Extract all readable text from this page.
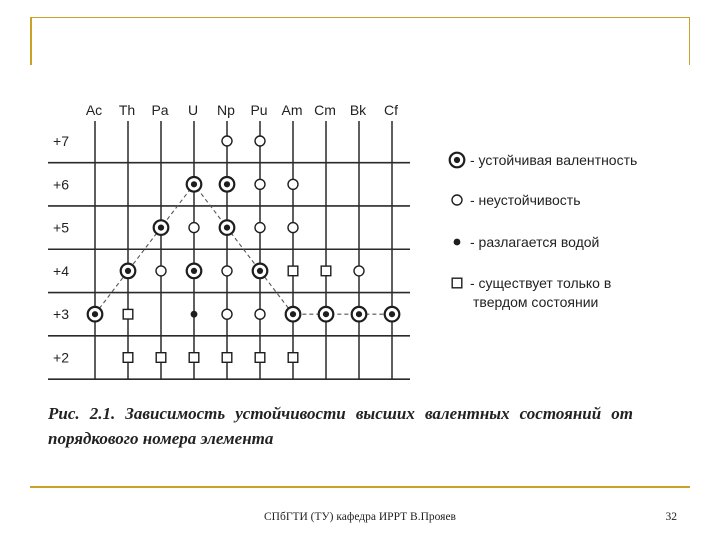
+7
+6
+5
+4
+3
+2
Ac Th Pa U Np Pu Am Cm Bk Cf
- устойчивая валентность
- неустойчивость
- разлагается водой
- существует только в
твердом состоянии
Рис. 2.1. Зависимость устойчивости высших валентных состояний от порядкового номера элемента
СПбГТИ (ТУ) кафедра ИРРТ В.Прояев	32
